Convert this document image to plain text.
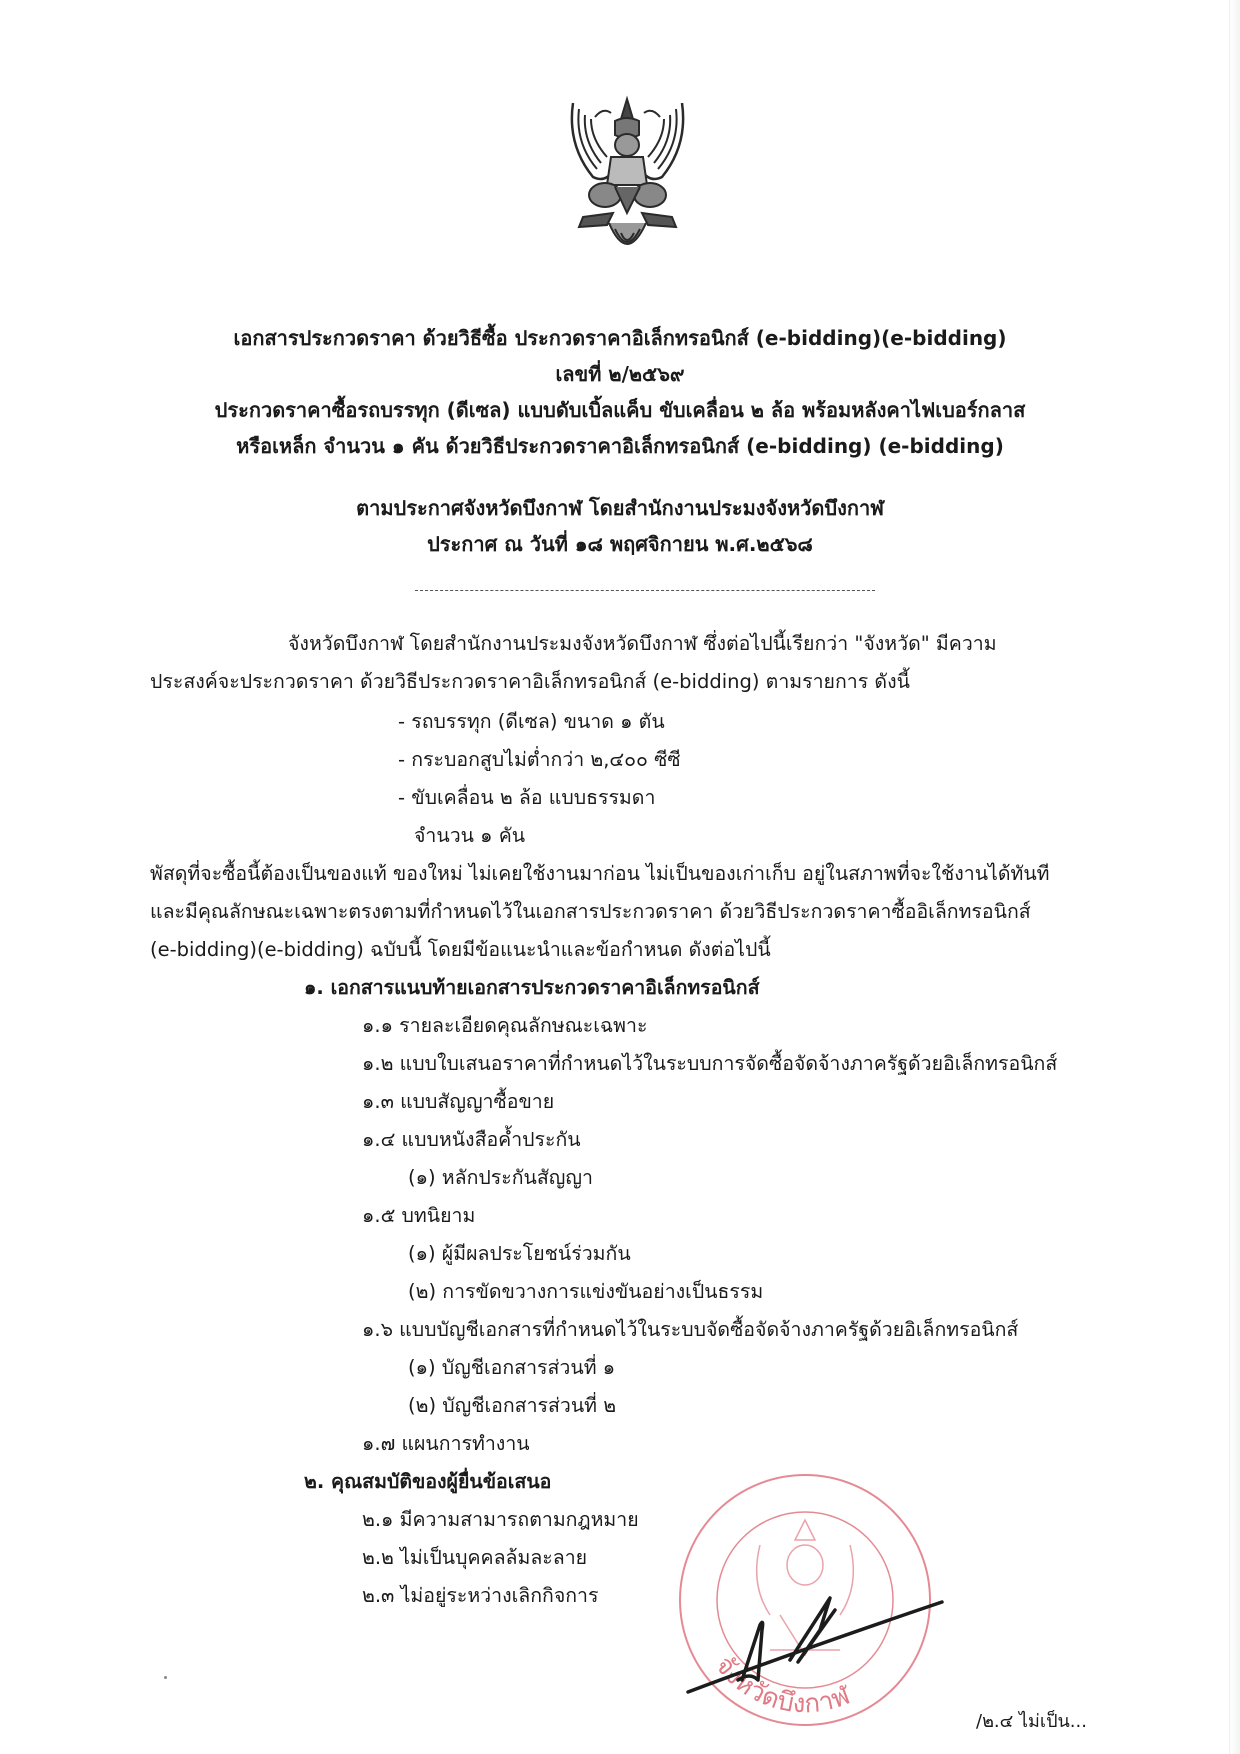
เอกสารประกวดราคา ด้วยวิธีซื้อ ประกวดราคาอิเล็กทรอนิกส์ (e-bidding)(e-bidding)
เลขที่ ๒/๒๕๖๙
ประกวดราคาซื้อรถบรรทุก (ดีเซล) แบบดับเบิ้ลแค็บ ขับเคลื่อน ๒ ล้อ พร้อมหลังคาไฟเบอร์กลาส
หรือเหล็ก จำนวน ๑ คัน ด้วยวิธีประกวดราคาอิเล็กทรอนิกส์ (e-bidding) (e-bidding)
ตามประกาศจังหวัดบึงกาฬ โดยสำนักงานประมงจังหวัดบึงกาฬ
ประกาศ ณ วันที่ ๑๘ พฤศจิกายน พ.ศ.๒๕๖๘
จังหวัดบึงกาฬ โดยสำนักงานประมงจังหวัดบึงกาฬ ซึ่งต่อไปนี้เรียกว่า "จังหวัด" มีความ
ประสงค์จะประกวดราคา ด้วยวิธีประกวดราคาอิเล็กทรอนิกส์ (e-bidding) ตามรายการ ดังนี้
- รถบรรทุก (ดีเซล) ขนาด ๑ ตัน
- กระบอกสูบไม่ต่ำกว่า ๒,๔๐๐ ซีซี
- ขับเคลื่อน ๒ ล้อ แบบธรรมดา
จำนวน ๑ คัน
พัสดุที่จะซื้อนี้ต้องเป็นของแท้ ของใหม่ ไม่เคยใช้งานมาก่อน ไม่เป็นของเก่าเก็บ อยู่ในสภาพที่จะใช้งานได้ทันที
และมีคุณลักษณะเฉพาะตรงตามที่กำหนดไว้ในเอกสารประกวดราคา ด้วยวิธีประกวดราคาซื้ออิเล็กทรอนิกส์
(e-bidding)(e-bidding) ฉบับนี้ โดยมีข้อแนะนำและข้อกำหนด ดังต่อไปนี้
๑. เอกสารแนบท้ายเอกสารประกวดราคาอิเล็กทรอนิกส์
๑.๑ รายละเอียดคุณลักษณะเฉพาะ
๑.๒ แบบใบเสนอราคาที่กำหนดไว้ในระบบการจัดซื้อจัดจ้างภาครัฐด้วยอิเล็กทรอนิกส์
๑.๓ แบบสัญญาซื้อขาย
๑.๔ แบบหนังสือค้ำประกัน
(๑) หลักประกันสัญญา
๑.๕ บทนิยาม
(๑) ผู้มีผลประโยชน์ร่วมกัน
(๒) การขัดขวางการแข่งขันอย่างเป็นธรรม
๑.๖ แบบบัญชีเอกสารที่กำหนดไว้ในระบบจัดซื้อจัดจ้างภาครัฐด้วยอิเล็กทรอนิกส์
(๑) บัญชีเอกสารส่วนที่ ๑
(๒) บัญชีเอกสารส่วนที่ ๒
๑.๗ แผนการทำงาน
๒. คุณสมบัติของผู้ยื่นข้อเสนอ
๒.๑ มีความสามารถตามกฎหมาย
๒.๒ ไม่เป็นบุคคลล้มละลาย
๒.๓ ไม่อยู่ระหว่างเลิกกิจการ
จังหวัดบึงกาฬ
/๒.๔ ไม่เป็น...
